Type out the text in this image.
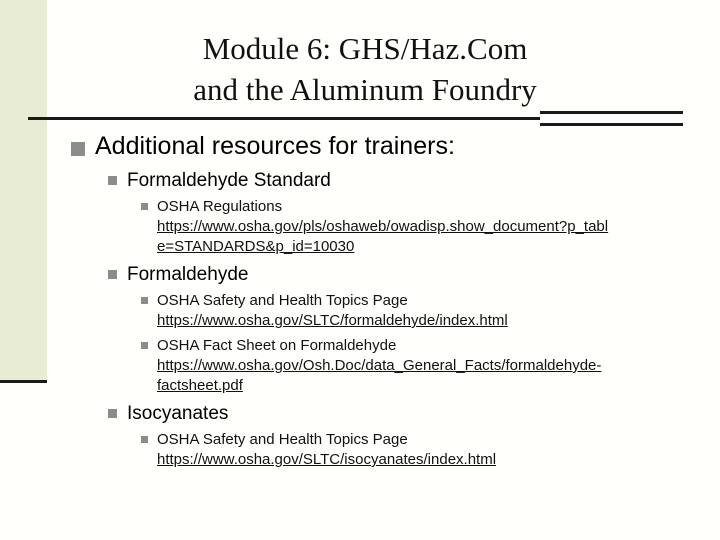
Module 6: GHS/Haz.Com
and the Aluminum Foundry
Additional resources for trainers:
Formaldehyde Standard
OSHA Regulations
https://www.osha.gov/pls/oshaweb/owadisp.show_document?p_tabl
e=STANDARDS&p_id=10030
Formaldehyde
OSHA Safety and Health Topics Page
https://www.osha.gov/SLTC/formaldehyde/index.html
OSHA Fact Sheet on Formaldehyde
https://www.osha.gov/Osh.Doc/data_General_Facts/formaldehyde-
factsheet.pdf
Isocyanates
OSHA Safety and Health Topics Page
https://www.osha.gov/SLTC/isocyanates/index.html
